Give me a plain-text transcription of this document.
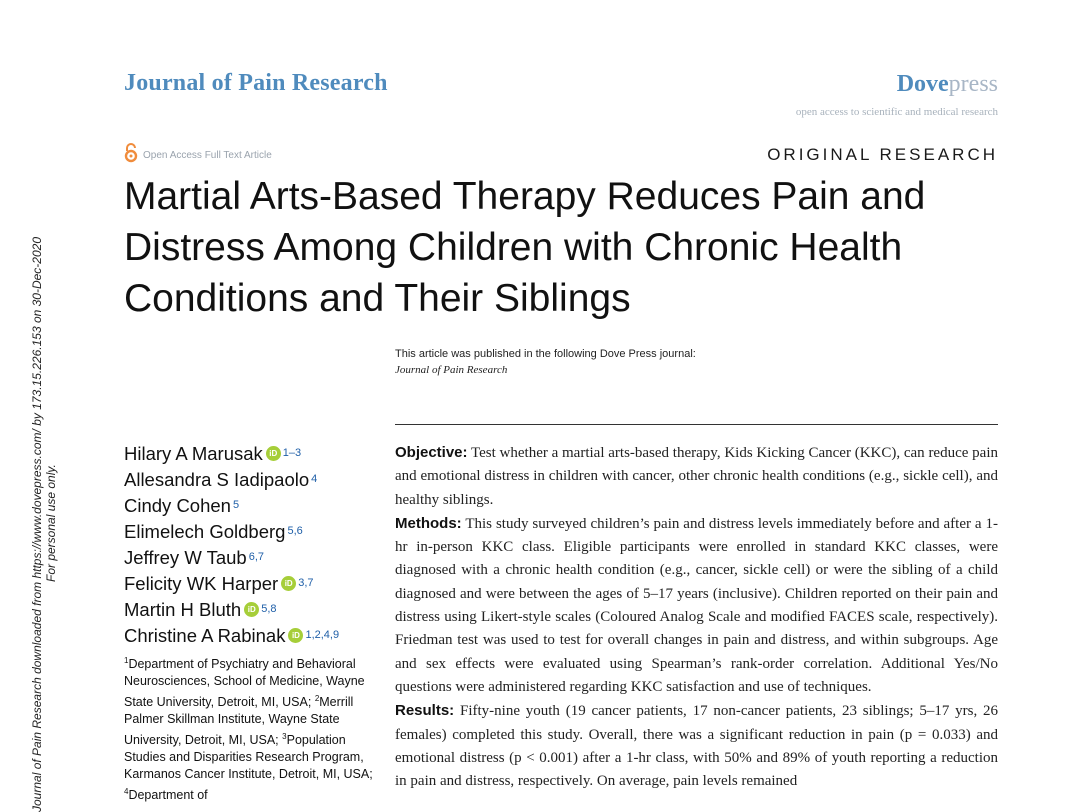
Journal of Pain Research	Dovepress
open access to scientific and medical research
Open Access Full Text Article	ORIGINAL RESEARCH
Martial Arts-Based Therapy Reduces Pain and Distress Among Children with Chronic Health Conditions and Their Siblings
This article was published in the following Dove Press journal:
Journal of Pain Research
Hilary A Marusak iD 1–3
Allesandra S Iadipaolo 4
Cindy Cohen 5
Elimelech Goldberg 5,6
Jeffrey W Taub 6,7
Felicity WK Harper iD 3,7
Martin H Bluth iD 5,8
Christine A Rabinak iD 1,2,4,9
$^1$Department of Psychiatry and Behavioral Neurosciences, School of Medicine, Wayne State University, Detroit, MI, USA; $^2$Merrill Palmer Skillman Institute, Wayne State University, Detroit, MI, USA; $^3$Population Studies and Disparities Research Program, Karmanos Cancer Institute, Detroit, MI, USA; $^4$Department of

Objective: Test whether a martial arts-based therapy, Kids Kicking Cancer (KKC), can reduce pain and emotional distress in children with cancer, other chronic health conditions (e.g., sickle cell), and healthy siblings.

Methods: This study surveyed children’s pain and distress levels immediately before and after a 1-hr in-person KKC class. Eligible participants were enrolled in standard KKC classes, were diagnosed with a chronic health condition (e.g., cancer, sickle cell) or were the sibling of a child diagnosed and were between the ages of 5–17 years (inclusive). Children reported on their pain and distress using Likert-style scales (Coloured Analog Scale and modified FACES scale, respectively). Friedman test was used to test for overall changes in pain and distress, and within subgroups. Age and sex effects were evaluated using Spearman’s rank-order correlation. Additional Yes/No questions were administered regarding KKC satisfaction and use of techniques.

Results: Fifty-nine youth (19 cancer patients, 17 non-cancer patients, 23 siblings; 5–17 yrs, 26 females) completed this study. Overall, there was a significant reduction in pain (p = 0.033) and emotional distress (p < 0.001) after a 1-hr class, with 50% and 89% of youth reporting a reduction in pain and distress, respectively. On average, pain levels remained

Journal of Pain Research downloaded from https://www.dovepress.com/ by 173.15.226.153 on 30-Dec-2020 For personal use only.
